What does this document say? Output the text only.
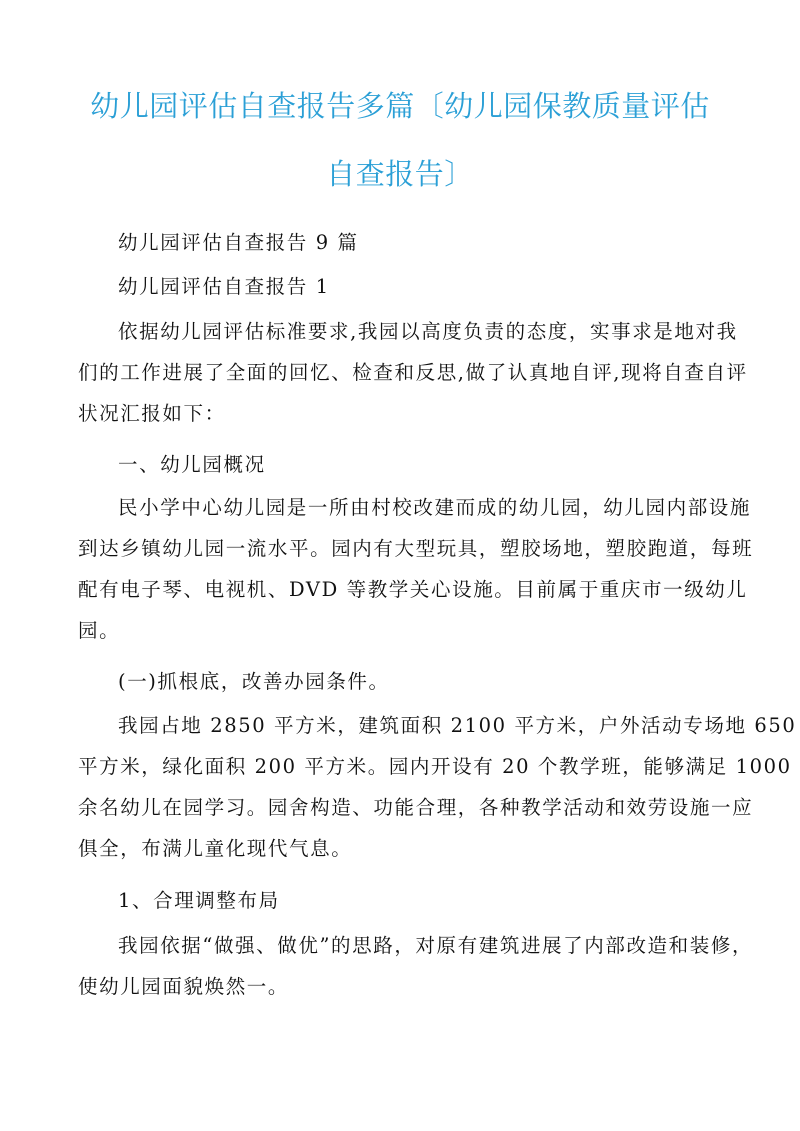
幼儿园评估自查报告多篇〔幼儿园保教质量评估
自查报告〕

幼儿园评估自查报告 9 篇

幼儿园评估自查报告 1

依据幼儿园评估标准要求,我园以高度负责的态度，实事求是地对我
们的工作进展了全面的回忆、检查和反思,做了认真地自评,现将自查自评
状况汇报如下：

一、幼儿园概况

民小学中心幼儿园是一所由村校改建而成的幼儿园，幼儿园内部设施
到达乡镇幼儿园一流水平。园内有大型玩具，塑胶场地，塑胶跑道，每班
配有电子琴、电视机、DVD 等教学关心设施。目前属于重庆市一级幼儿
园。

(一)抓根底，改善办园条件。

我园占地 2850 平方米，建筑面积 2100 平方米，户外活动专场地 650
平方米，绿化面积 200 平方米。园内开设有 20 个教学班，能够满足 1000
余名幼儿在园学习。园舍构造、功能合理，各种教学活动和效劳设施一应
俱全，布满儿童化现代气息。

1、合理调整布局

我园依据“做强、做优”的思路，对原有建筑进展了内部改造和装修，
使幼儿园面貌焕然一。
